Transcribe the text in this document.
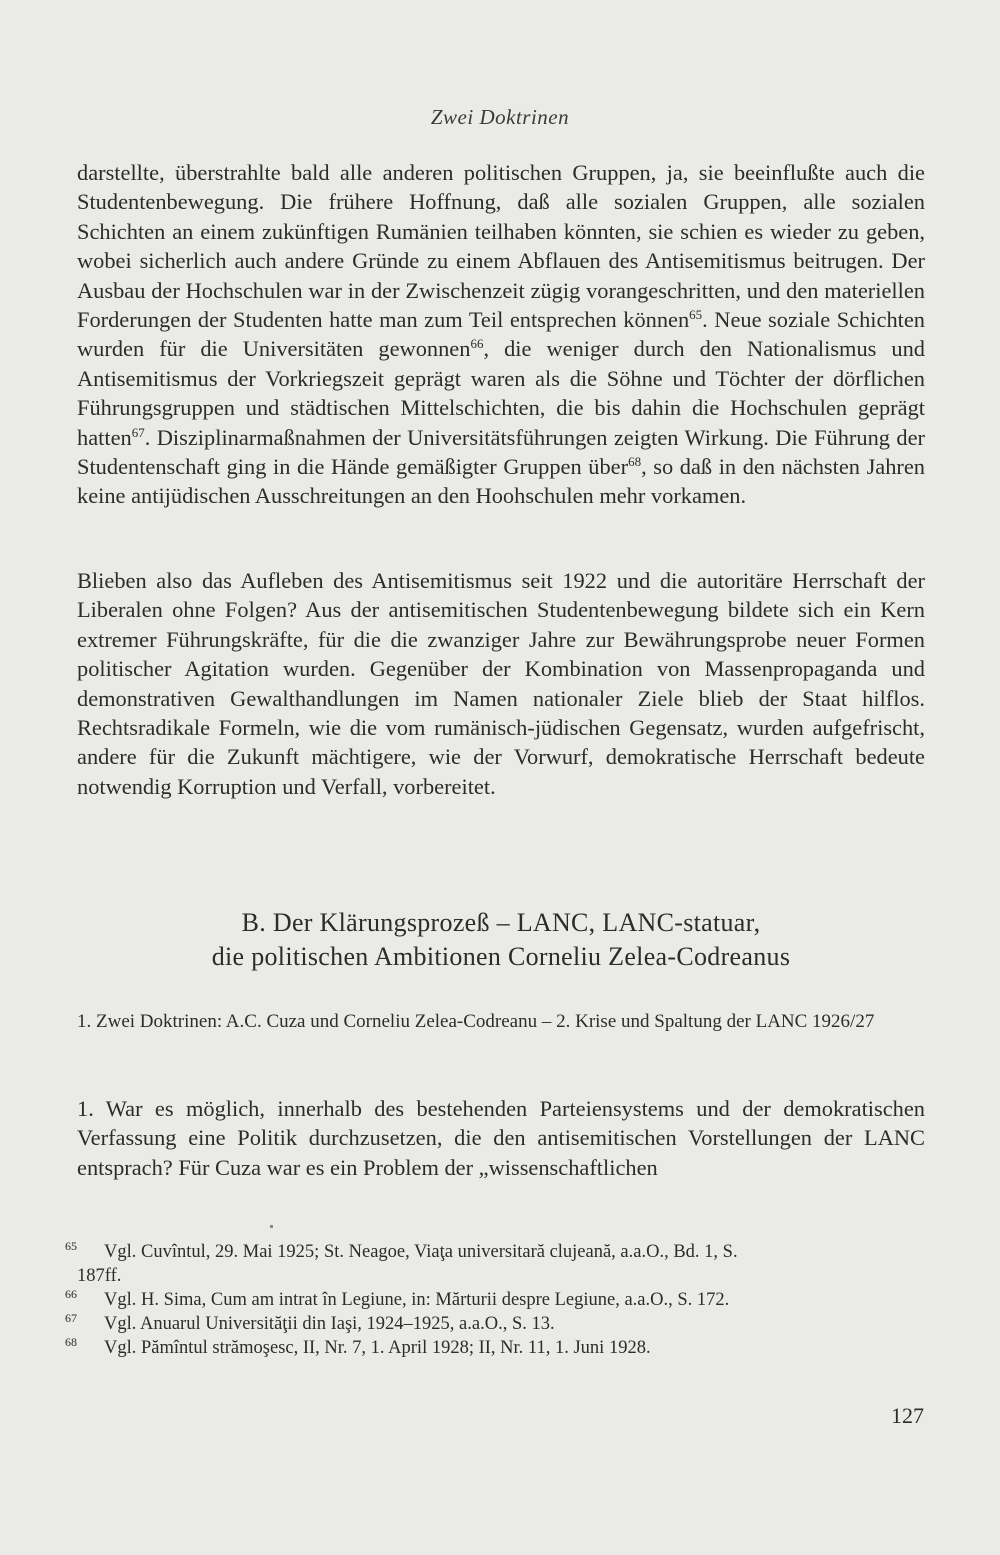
Zwei Doktrinen

darstellte, überstrahlte bald alle anderen politischen Gruppen, ja, sie beeinflußte auch die Studentenbewegung. Die frühere Hoffnung, daß alle sozialen Gruppen, alle sozialen Schichten an einem zukünftigen Rumänien teilhaben könnten, sie schien es wieder zu geben, wobei sicherlich auch andere Gründe zu einem Abflauen des Antisemitismus beitrugen. Der Ausbau der Hochschulen war in der Zwischenzeit zügig vorangeschritten, und den materiellen Forderungen der Studenten hatte man zum Teil entsprechen können$^{65}$. Neue soziale Schichten wurden für die Universitäten gewonnen$^{66}$, die weniger durch den Nationalismus und Antisemitismus der Vorkriegszeit geprägt waren als die Söhne und Töchter der dörflichen Führungsgruppen und städtischen Mittelschichten, die bis dahin die Hochschulen geprägt hatten$^{67}$. Disziplinarmaßnahmen der Universitätsführungen zeigten Wirkung. Die Führung der Studentenschaft ging in die Hände gemäßigter Gruppen über$^{68}$, so daß in den nächsten Jahren keine antijüdischen Ausschreitungen an den Hoohschulen mehr vorkamen.

Blieben also das Aufleben des Antisemitismus seit 1922 und die autoritäre Herrschaft der Liberalen ohne Folgen? Aus der antisemitischen Studentenbewegung bildete sich ein Kern extremer Führungskräfte, für die die zwanziger Jahre zur Bewährungsprobe neuer Formen politischer Agitation wurden. Gegenüber der Kombination von Massenpropaganda und demonstrativen Gewalthandlungen im Namen nationaler Ziele blieb der Staat hilflos. Rechtsradikale Formeln, wie die vom rumänisch-jüdischen Gegensatz, wurden aufgefrischt, andere für die Zukunft mächtigere, wie der Vorwurf, demokratische Herrschaft bedeute notwendig Korruption und Verfall, vorbereitet.

B. Der Klärungsprozeß – LANC, LANC-statuar,
die politischen Ambitionen Corneliu Zelea-Codreanus
1. Zwei Doktrinen: A.C. Cuza und Corneliu Zelea-Codreanu – 2. Krise und Spaltung der LANC 1926/27

1. War es möglich, innerhalb des bestehenden Parteiensystems und der demokratischen Verfassung eine Politik durchzusetzen, die den antisemitischen Vorstellungen der LANC entsprach? Für Cuza war es ein Problem der „wissenschaftlichen

65 Vgl. Cuvîntul, 29. Mai 1925; St. Neagoe, Viaţa universitară clujeană, a.a.O., Bd. 1, S.
187ff.
66 Vgl. H. Sima, Cum am intrat în Legiune, in: Mărturii despre Legiune, a.a.O., S. 172.
67 Vgl. Anuarul Universităţii din Iaşi, 1924–1925, a.a.O., S. 13.
68 Vgl. Pămîntul strămoşesc, II, Nr. 7, 1. April 1928; II, Nr. 11, 1. Juni 1928.
127
